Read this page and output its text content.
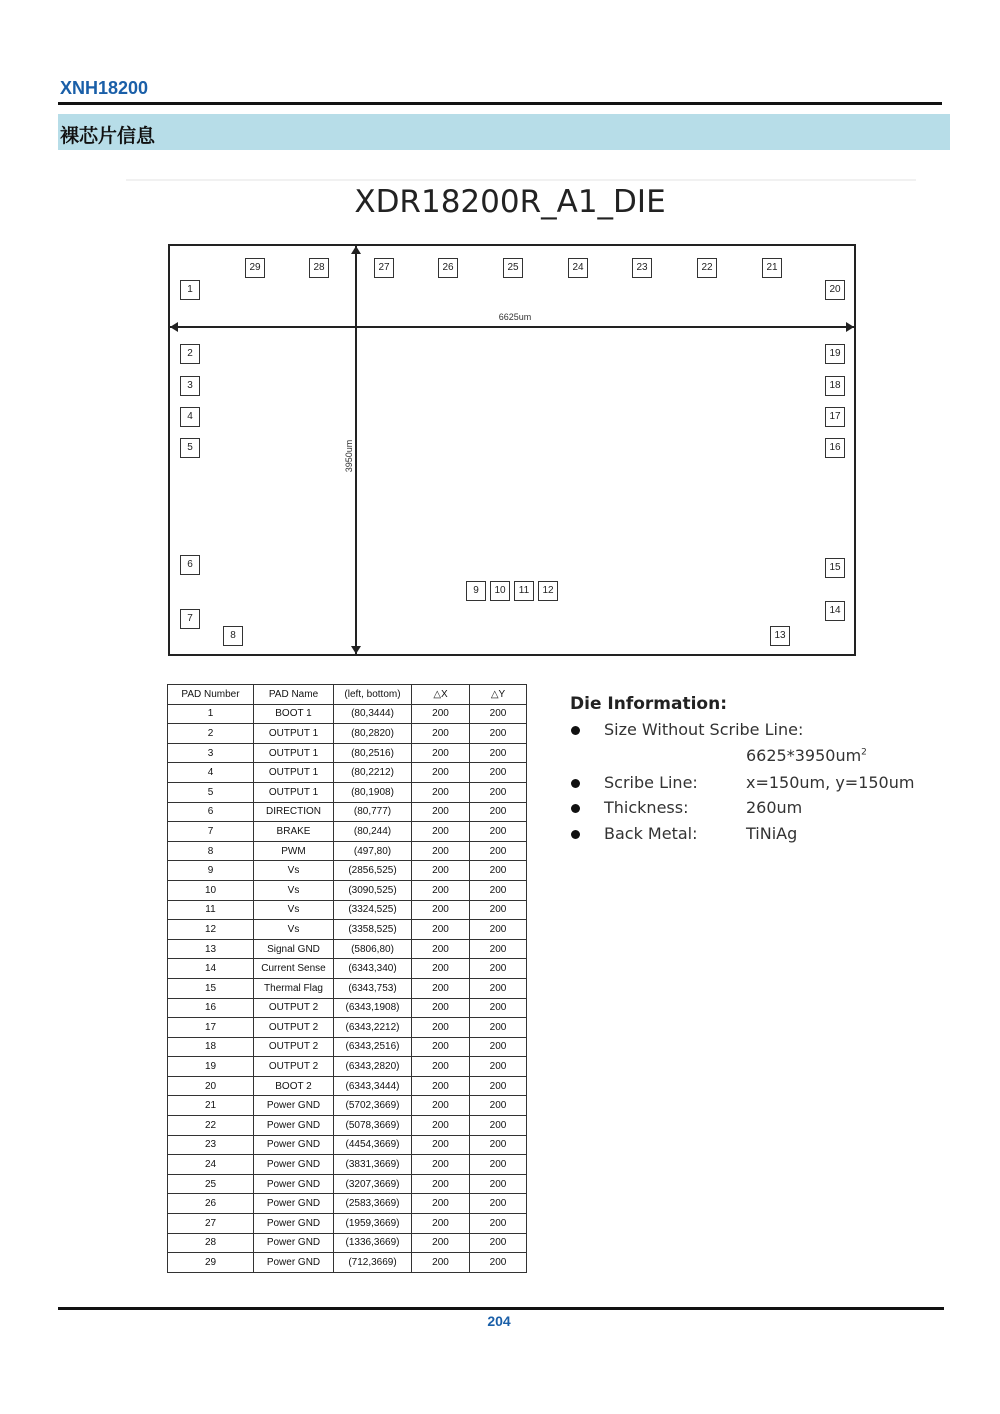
XNH18200
裸芯片信息
XDR18200R_A1_DIE
6625um
3950um
1
2
3
4
5
6
7
8
9	10	11	12
13
14
15
16
17
18
19
20
21
22
23
24
25
26
27
28
29
PAD Number	PAD Name	(left, bottom)	△X	△Y
1	BOOT 1	(80,3444)	200	200
2	OUTPUT 1	(80,2820)	200	200
3	OUTPUT 1	(80,2516)	200	200
4	OUTPUT 1	(80,2212)	200	200
5	OUTPUT 1	(80,1908)	200	200
6	DIRECTION	(80,777)	200	200
7	BRAKE	(80,244)	200	200
8	PWM	(497,80)	200	200
9	Vs	(2856,525)	200	200
10	Vs	(3090,525)	200	200
11	Vs	(3324,525)	200	200
12	Vs	(3358,525)	200	200
13	Signal GND	(5806,80)	200	200
14	Current Sense	(6343,340)	200	200
15	Thermal Flag	(6343,753)	200	200
16	OUTPUT 2	(6343,1908)	200	200
17	OUTPUT 2	(6343,2212)	200	200
18	OUTPUT 2	(6343,2516)	200	200
19	OUTPUT 2	(6343,2820)	200	200
20	BOOT 2	(6343,3444)	200	200
21	Power GND	(5702,3669)	200	200
22	Power GND	(5078,3669)	200	200
23	Power GND	(4454,3669)	200	200
24	Power GND	(3831,3669)	200	200
25	Power GND	(3207,3669)	200	200
26	Power GND	(2583,3669)	200	200
27	Power GND	(1959,3669)	200	200
28	Power GND	(1336,3669)	200	200
29	Power GND	(712,3669)	200	200
Die Information:
Size Without Scribe Line:
$6625*3950um^2$
Scribe Line:	x=150um, y=150um
Thickness:	260um
Back Metal:	TiNiAg
204
